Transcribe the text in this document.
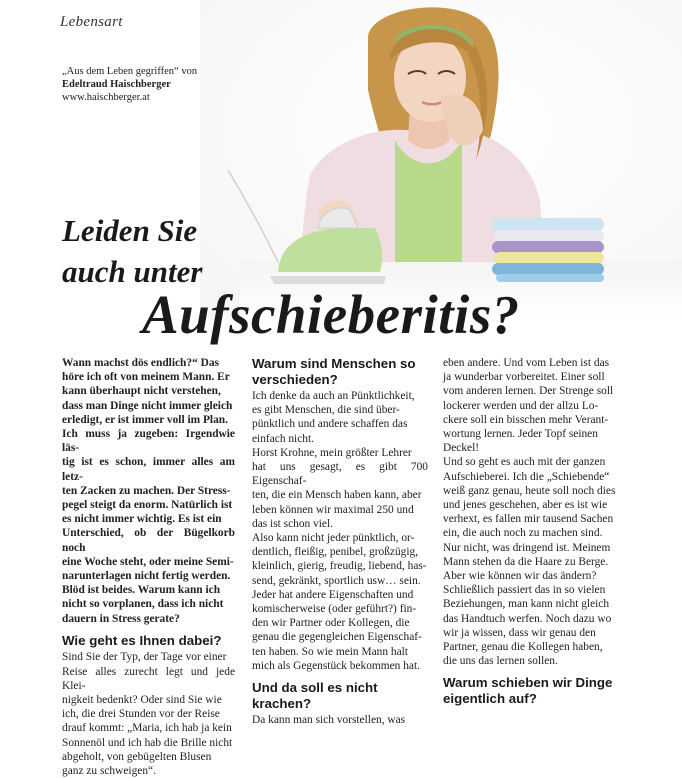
Lebensart
„Aus dem Leben gegriffen“ von
Edeltraud Haischberger
www.haischberger.at
Leiden Sie
auch unter
Aufschieberitis?
Wann machst dös endlich?“ Das
höre ich oft von meinem Mann. Er
kann überhaupt nicht verstehen,
dass man Dinge nicht immer gleich
erledigt, er ist immer voll im Plan.
Ich muss ja zugeben: Irgendwie läs-
tig ist es schon, immer alles am letz-
ten Zacken zu machen. Der Stress-
pegel steigt da enorm. Natürlich ist
es nicht immer wichtig. Es ist ein
Unterschied, ob der Bügelkorb noch
eine Woche steht, oder meine Semi-
narunterlagen nicht fertig werden.
Blöd ist beides. Warum kann ich
nicht so vorplanen, dass ich nicht
dauern in Stress gerate?
Wie geht es Ihnen dabei?
Sind Sie der Typ, der Tage vor einer
Reise alles zurecht legt und jede Klei-
nigkeit bedenkt? Oder sind Sie wie
ich, die drei Stunden vor der Reise
drauf kommt: „Maria, ich hab ja kein
Sonnenöl und ich hab die Brille nicht
abgeholt, von gebügelten Blusen
ganz zu schweigen“.
Warum sind Menschen so verschieden?
Ich denke da auch an Pünktlichkeit,
es gibt Menschen, die sind über-
pünktlich und andere schaffen das
einfach nicht.
Horst Krohne, mein größter Lehrer
hat uns gesagt, es gibt 700 Eigenschaf-
ten, die ein Mensch haben kann, aber
leben können wir maximal 250 und
das ist schon viel.
Also kann nicht jeder pünktlich, or-
dentlich, fleißig, penibel, großzügig,
kleinlich, gierig, freudig, liebend, has-
send, gekränkt, sportlich usw… sein.
Jeder hat andere Eigenschaften und
komischerweise (oder geführt?) fin-
den wir Partner oder Kollegen, die
genau die gegengleichen Eigenschaf-
ten haben. So wie mein Mann halt
mich als Gegenstück bekommen hat.
Und da soll es nicht krachen?
Da kann man sich vorstellen, was
eben andere. Und vom Leben ist das
ja wunderbar vorbereitet. Einer soll
vom anderen lernen. Der Strenge soll
lockerer werden und der allzu Lo-
ckere soll ein bisschen mehr Verant-
wortung lernen. Jeder Topf seinen
Deckel!
Und so geht es auch mit der ganzen
Aufschieberei. Ich die „Schiebende“
weiß ganz genau, heute soll noch dies
und jenes geschehen, aber es ist wie
verhext, es fallen mir tausend Sachen
ein, die auch noch zu machen sind.
Nur nicht, was dringend ist. Meinem
Mann stehen da die Haare zu Berge.
Aber wie können wir das ändern?
Schließlich passiert das in so vielen
Beziehungen, man kann nicht gleich
das Handtuch werfen. Noch dazu wo
wir ja wissen, dass wir genau den
Partner, genau die Kollegen haben,
die uns das lernen sollen.
Warum schieben wir Dinge eigentlich auf?
